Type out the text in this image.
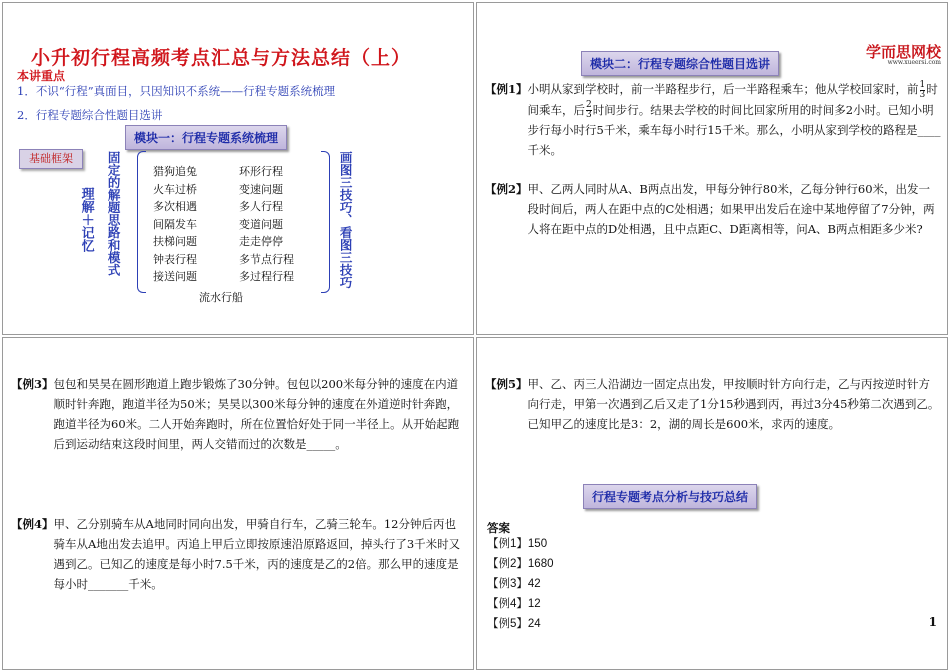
小升初行程高频考点汇总与方法总结（上）
本讲重点
1．不识“行程”真面目，只因知识不系统——行程专题系统梳理
2．行程专题综合性题目选讲
模块一：行程专题系统梳理
基础框架
理解＋记忆 固定的解题思路和模式	画图三技巧、看图三技巧
猎狗追兔	环形行程
火车过桥	变速问题
多次相遇	多人行程
间隔发车	变道问题
扶梯问题	走走停停
钟表行程	多节点行程
接送问题	多过程行程
流水行船
学而思网校
www.xueersi.com
模块二：行程专题综合性题目选讲
【例1】 小明从家到学校时，前一半路程步行，后一半路程乘车；他从学校回家时，前 $\frac{1}{3}$ 时间乘车，后 $\frac{2}{3}$ 时间步行。结果去学校的时间比回家所用的时间多2小时。已知小明步行每小时行5千米，乘车每小时行15千米。那么，小明从家到学校的路程是____千米。
【例2】 甲、乙两人同时从A、B两点出发，甲每分钟行80米，乙每分钟行60米，出发一段时间后，两人在距中点的C处相遇；如果甲出发后在途中某地停留了7分钟，两人将在距中点的D处相遇，且中点距C、D距离相等，问A、B两点相距多少米?
【例3】 包包和昊昊在圆形跑道上跑步锻炼了30分钟。包包以200米每分钟的速度在内道顺时针奔跑，跑道半径为50米；昊昊以300米每分钟的速度在外道逆时针奔跑，跑道半径为60米。二人开始奔跑时，所在位置恰好处于同一半径上。从开始起跑后到运动结束这段时间里，两人交错而过的次数是_____。
【例4】 甲、乙分别骑车从A地同时同向出发，甲骑自行车，乙骑三轮车。12分钟后丙也骑车从A地出发去追甲。丙追上甲后立即按原速沿原路返回，掉头行了3千米时又遇到乙。已知乙的速度是每小时7.5千米，丙的速度是乙的2倍。那么甲的速度是每小时_______千米。
【例5】 甲、乙、丙三人沿湖边一固定点出发，甲按顺时针方向行走，乙与丙按逆时针方向行走，甲第一次遇到乙后又走了1分15秒遇到丙，再过3分45秒第二次遇到乙。已知甲乙的速度比是3：2，湖的周长是600米，求丙的速度。
行程专题考点分析与技巧总结
答案
【例1】150
【例2】1680
【例3】42
【例4】12
【例5】24	1
